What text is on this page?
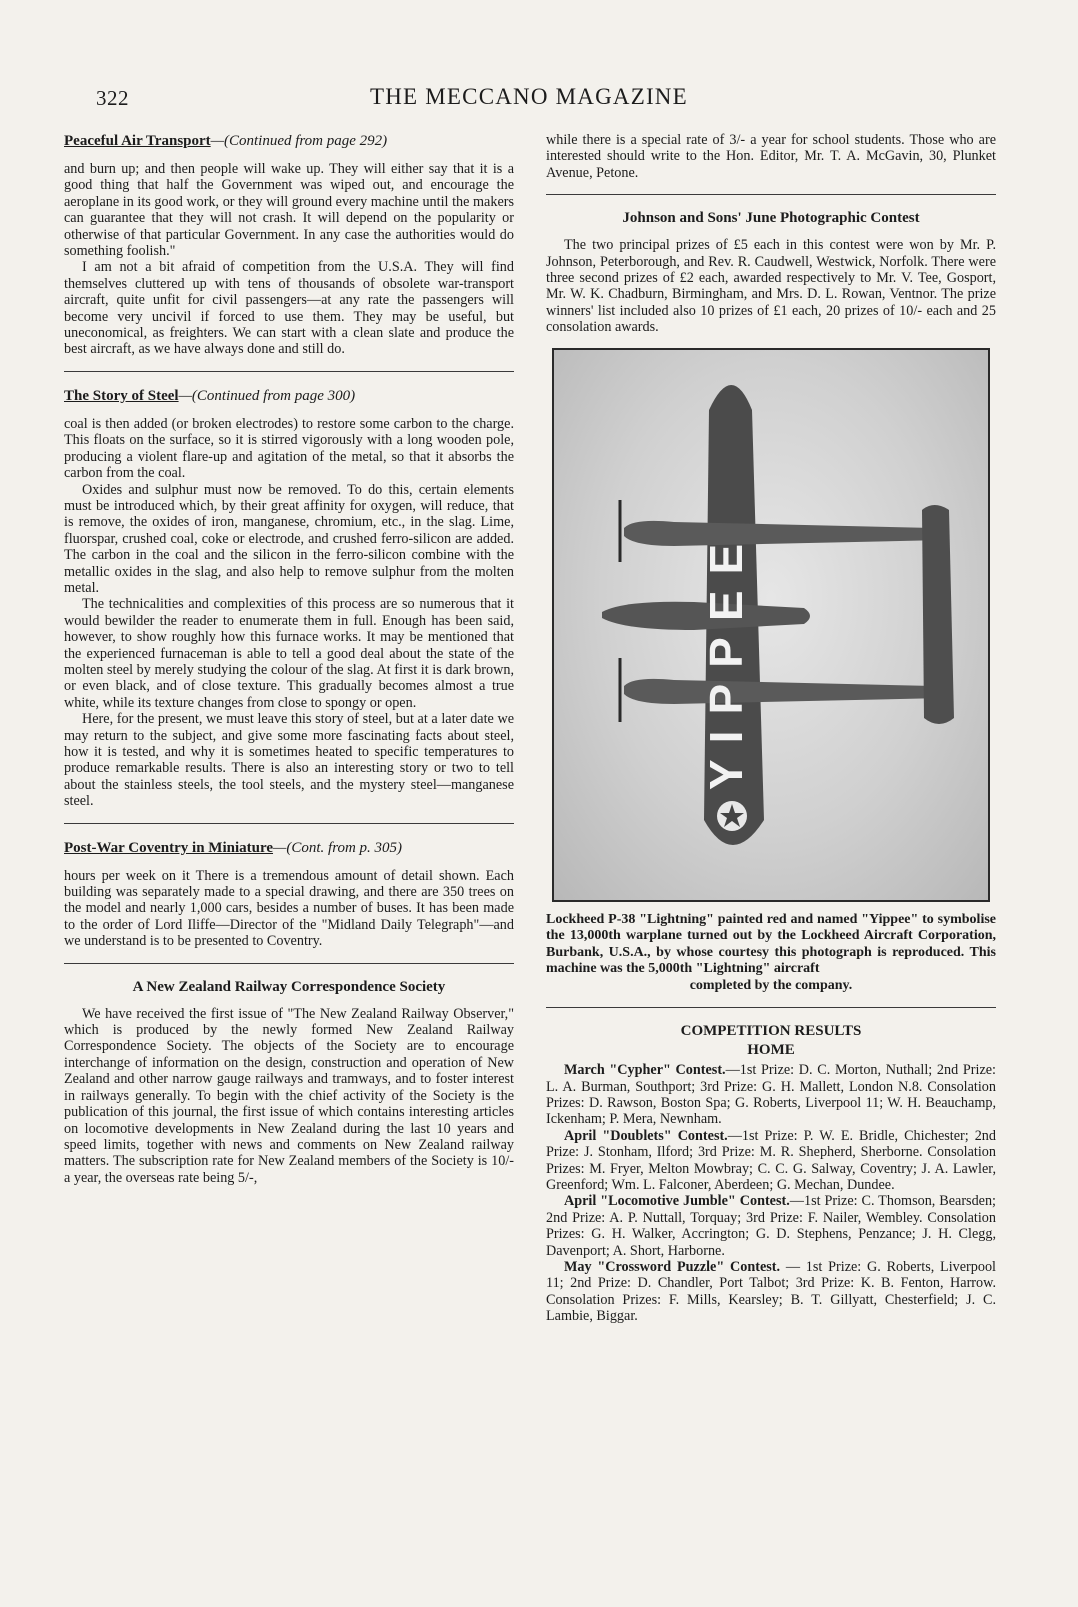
322	THE MECCANO MAGAZINE
Peaceful Air Transport—(Continued from page 292)

and burn up; and then people will wake up. They will either say that it is a good thing that half the Government was wiped out, and encourage the aeroplane in its good work, or they will ground every machine until the makers can guarantee that they will not crash. It will depend on the popularity or otherwise of that particular Government. In any case the authorities would do something foolish."

I am not a bit afraid of competition from the U.S.A. They will find themselves cluttered up with tens of thousands of obsolete war-transport aircraft, quite unfit for civil passengers—at any rate the passengers will become very uncivil if forced to use them. They may be useful, but uneconomical, as freighters. We can start with a clean slate and produce the best aircraft, as we have always done and still do.

The Story of Steel—(Continued from page 300)

coal is then added (or broken electrodes) to restore some carbon to the charge. This floats on the surface, so it is stirred vigorously with a long wooden pole, producing a violent flare-up and agitation of the metal, so that it absorbs the carbon from the coal.

Oxides and sulphur must now be removed. To do this, certain elements must be introduced which, by their great affinity for oxygen, will reduce, that is remove, the oxides of iron, manganese, chromium, etc., in the slag. Lime, fluorspar, crushed coal, coke or electrode, and crushed ferro-silicon are added. The carbon in the coal and the silicon in the ferro-silicon combine with the metallic oxides in the slag, and also help to remove sulphur from the molten metal.

The technicalities and complexities of this process are so numerous that it would bewilder the reader to enumerate them in full. Enough has been said, however, to show roughly how this furnace works. It may be mentioned that the experienced furnaceman is able to tell a good deal about the state of the molten steel by merely studying the colour of the slag. At first it is dark brown, or even black, and of close texture. This gradually becomes almost a true white, while its texture changes from close to spongy or open.

Here, for the present, we must leave this story of steel, but at a later date we may return to the subject, and give some more fascinating facts about steel, how it is tested, and why it is sometimes heated to specific temperatures to produce remarkable results. There is also an interesting story or two to tell about the stainless steels, the tool steels, and the mystery steel—manganese steel.

Post-War Coventry in Miniature—(Cont. from p. 305)

hours per week on it There is a tremendous amount of detail shown. Each building was separately made to a special drawing, and there are 350 trees on the model and nearly 1,000 cars, besides a number of buses. It has been made to the order of Lord Iliffe—Director of the "Midland Daily Telegraph"—and we understand is to be presented to Coventry.

A New Zealand Railway Correspondence Society

We have received the first issue of "The New Zealand Railway Observer," which is produced by the newly formed New Zealand Railway Correspondence Society. The objects of the Society are to encourage interchange of information on the design, construction and operation of New Zealand and other narrow gauge railways and tramways, and to foster interest in railways generally. To begin with the chief activity of the Society is the publication of this journal, the first issue of which contains interesting articles on locomotive developments in New Zealand during the last 10 years and speed limits, together with news and comments on New Zealand railway matters. The subscription rate for New Zealand members of the Society is 10/- a year, the overseas rate being 5/-,

while there is a special rate of 3/- a year for school students. Those who are interested should write to the Hon. Editor, Mr. T. A. McGavin, 30, Plunket Avenue, Petone.

Johnson and Sons' June Photographic Contest

The two principal prizes of £5 each in this contest were won by Mr. P. Johnson, Peterborough, and Rev. R. Caudwell, Westwick, Norfolk. There were three second prizes of £2 each, awarded respectively to Mr. V. Tee, Gosport, Mr. W. K. Chadburn, Birmingham, and Mrs. D. L. Rowan, Ventnor. The prize winners' list included also 10 prizes of £1 each, 20 prizes of 10/- each and 25 consolation awards.

YIPPEE

Lockheed P-38 "Lightning" painted red and named "Yippee" to symbolise the 13,000th warplane turned out by the Lockheed Aircraft Corporation, Burbank, U.S.A., by whose courtesy this photograph is reproduced. This machine was the 5,000th "Lightning" aircraft
completed by the company.

COMPETITION RESULTS
HOME

March "Cypher" Contest.—1st Prize: D. C. Morton, Nuthall; 2nd Prize: L. A. Burman, Southport; 3rd Prize: G. H. Mallett, London N.8. Consolation Prizes: D. Rawson, Boston Spa; G. Roberts, Liverpool 11; W. H. Beauchamp, Ickenham; P. Mera, Newnham.

April "Doublets" Contest.—1st Prize: P. W. E. Bridle, Chichester; 2nd Prize: J. Stonham, Ilford; 3rd Prize: M. R. Shepherd, Sherborne. Consolation Prizes: M. Fryer, Melton Mowbray; C. C. G. Salway, Coventry; J. A. Lawler, Greenford; Wm. L. Falconer, Aberdeen; G. Mechan, Dundee.

April "Locomotive Jumble" Contest.—1st Prize: C. Thomson, Bearsden; 2nd Prize: A. P. Nuttall, Torquay; 3rd Prize: F. Nailer, Wembley. Consolation Prizes: G. H. Walker, Accrington; G. D. Stephens, Penzance; J. H. Clegg, Davenport; A. Short, Harborne.

May "Crossword Puzzle" Contest. — 1st Prize: G. Roberts, Liverpool 11; 2nd Prize: D. Chandler, Port Talbot; 3rd Prize: K. B. Fenton, Harrow. Consolation Prizes: F. Mills, Kearsley; B. T. Gillyatt, Chesterfield; J. C. Lambie, Biggar.
